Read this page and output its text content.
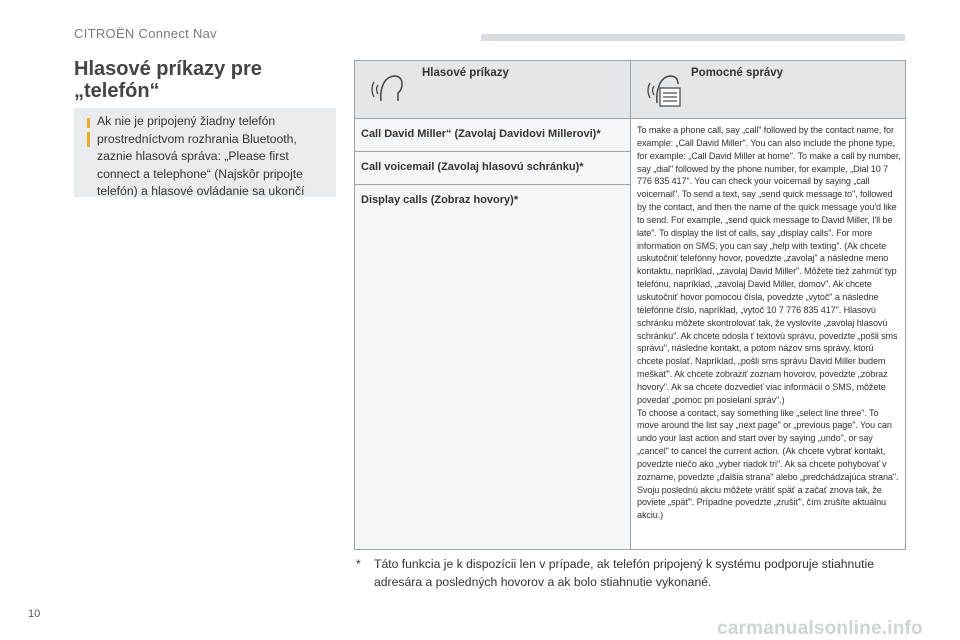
CITROËN Connect Nav
Hlasové príkazy pre
„telefón“
Ak nie je pripojený žiadny telefón prostredníctvom rozhrania Bluetooth, zaznie hlasová správa: „Please first connect a telephone“ (Najskôr pripojte telefón) a hlasové ovládanie sa ukončí
Hlasové príkazy	Pomocné správy

Call David Miller“ (Zavolaj Davidovi Millerovi)*	To make a phone call, say „call" followed by the contact name, for example: „Call David Miller". You can also include the phone type, for example: „Call David Miller at home". To make a call by number, say „dial" followed by the phone number, for example, „Dial 10 7 776 835 417". You can check your voicemail by saying „call voicemail". To send a text, say „send quick message to", followed by the contact, and then the name of the quick message you'd like to send. For example, „send quick message to David Miller, I'll be late". To display the list of calls, say „display calls". For more information on SMS, you can say „help with texting". (Ak chcete uskutočniť telefónny hovor, povedzte „zavolaj" a následne meno kontaktu, napríklad, „zavolaj David Miller". Môžete tiež zahrnúť typ telefónu, napríklad, „zavolaj David Miller, domov". Ak chcete uskutočniť hovor pomocou čísla, povedzte „vytoč" a následne telefónne číslo, napríklad, „vytoč 10 7 776 835 417". Hlasovú schránku môžete skontrolovať tak, že vyslovíte „zavolaj hlasovú schránku". Ak chcete odosla ť textovú správu, povedzte „pošli sms správu", následne kontakt, a potom názov sms správy, ktorú chcete poslať. Napríklad, „pošli sms správu David Miller budem meškať". Ak chcete zobraziť zoznam hovorov, povedzte „zobraz hovory". Ak sa chcete dozvedieť viac informácií o SMS, môžete povedať „pomoc pri posielaní správ".)

To choose a contact, say something like „select line three". To move around the list say „next page" or „previous page". You can undo your last action and start over by saying „undo", or say „cancel" to cancel the current action. (Ak chcete vybrať kontakt, povedzte niečo ako „vyber riadok tri". Ak sa chcete pohybovať v zozname, povedzte „ďalšia strana" alebo „predchádzajúca strana". Svoju poslednú akciu môžete vrátiť späť a začať znova tak, že poviete „späť". Prípadne povedzte „zrušiť", čím zrušíte aktuálnu akciu.)

Call voicemail (Zavolaj hlasovú schránku)*	
Display calls (Zobraz hovory)*	
* Táto funkcia je k dispozícii len v prípade, ak telefón pripojený k systému podporuje stiahnutie adresára a posledných hovorov a ak bolo stiahnutie vykonané.
10
carmanualsonline.info
